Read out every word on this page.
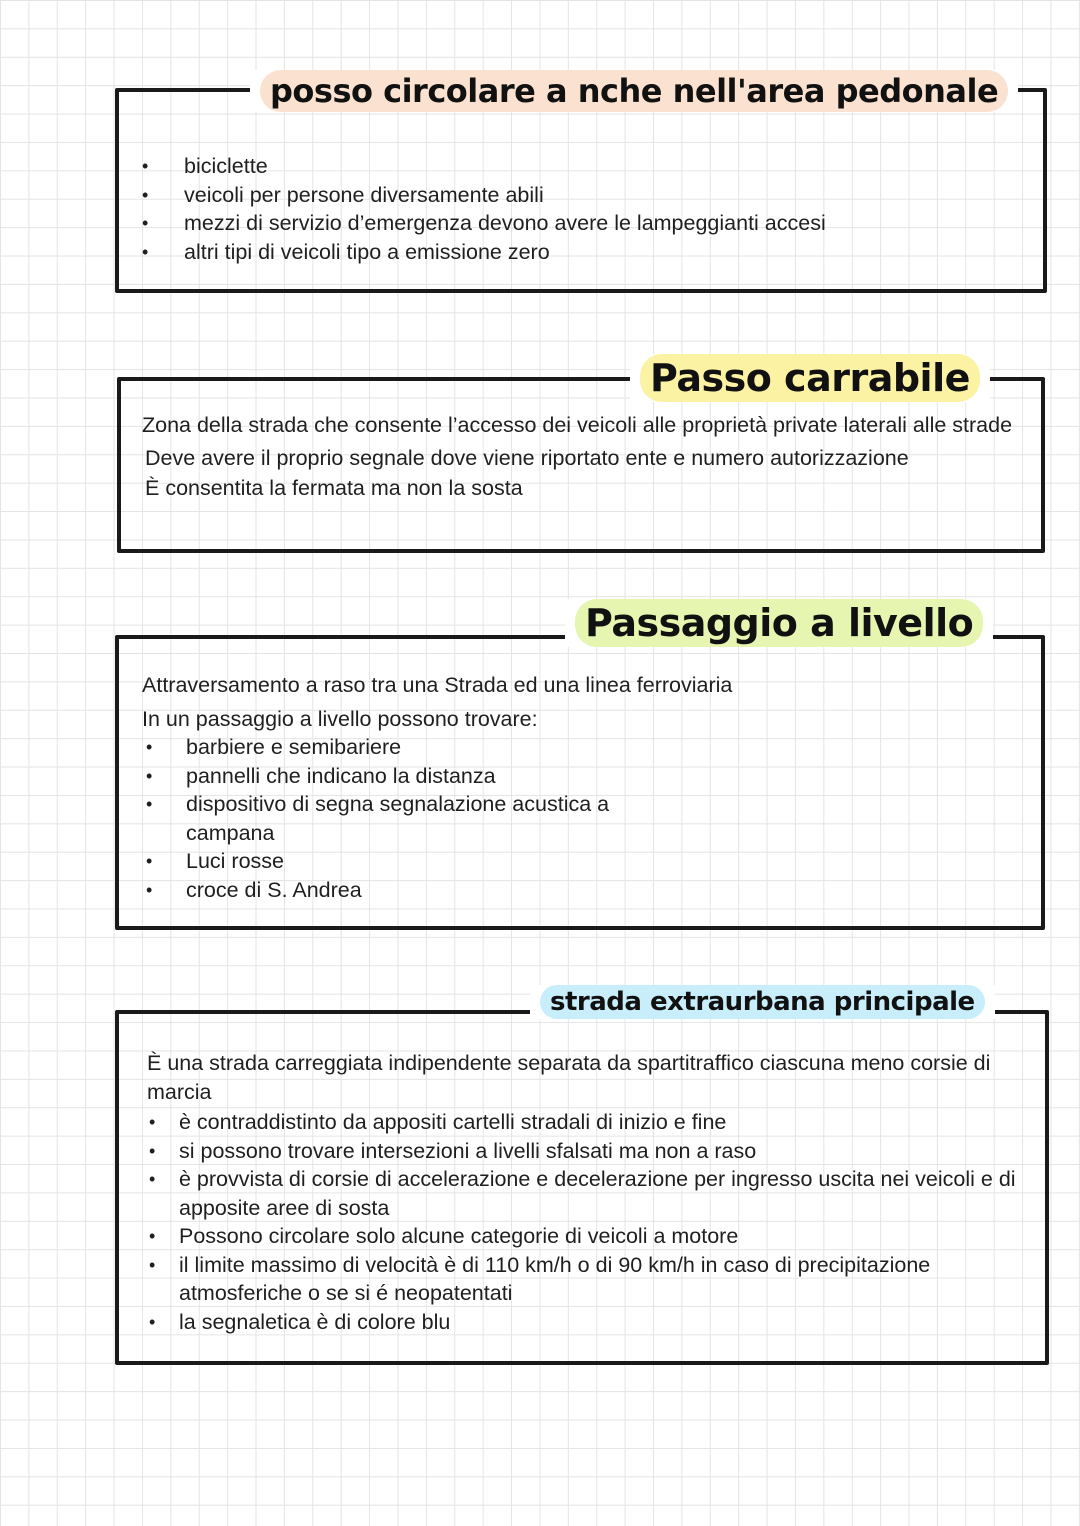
posso circolare a nche nell'area pedonale
• biciclette
• veicoli per persone diversamente abili
• mezzi di servizio d’emergenza devono avere le lampeggianti accesi
• altri tipi di veicoli tipo a emissione zero
Passo carrabile

Zona della strada che consente l’accesso dei veicoli alle proprietà private laterali alle strade

Deve avere il proprio segnale dove viene riportato ente e numero autorizzazione

È consentita la fermata ma non la sosta

Passaggio a livello

Attraversamento a raso tra una Strada ed una linea ferroviaria

In un passaggio a livello possono trovare:

• barbiere e semibariere
• pannelli che indicano la distanza
• dispositivo di segna segnalazione acustica a campana
• Luci rosse
• croce di S. Andrea
strada extraurbana principale

È una strada carreggiata indipendente separata da spartitraffico ciascuna meno corsie di marcia

• è contraddistinto da appositi cartelli stradali di inizio e fine
• si possono trovare intersezioni a livelli sfalsati ma non a raso
• è provvista di corsie di accelerazione e decelerazione per ingresso uscita nei veicoli e di apposite aree di sosta
• Possono circolare solo alcune categorie di veicoli a motore
• il limite massimo di velocità è di 110 km/h o di 90 km/h in caso di precipitazione atmosferiche o se si é neopatentati
• la segnaletica è di colore blu
